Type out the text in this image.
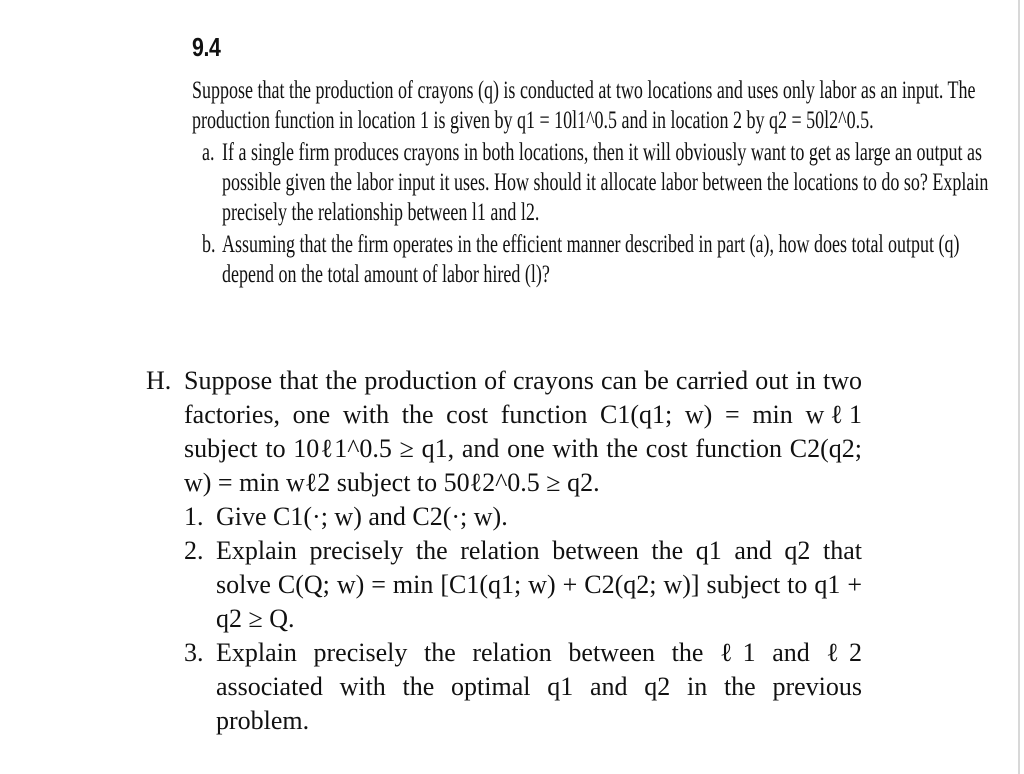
9.4
Suppose that the production of crayons (q) is conducted at two locations and uses only labor as an input. The production function in location 1 is given by q1 = 10l1^0.5 and in location 2 by q2 = 50l2^0.5.
a. If a single firm produces crayons in both locations, then it will obviously want to get as large an output as possible given the labor input it uses. How should it allocate labor between the locations to do so? Explain precisely the relationship between l1 and l2.
b. Assuming that the firm operates in the efficient manner described in part (a), how does total output (q) depend on the total amount of labor hired (l)?
H. Suppose that the production of crayons can be carried out in two factories, one with the cost function C1(q1; w) = min wℓ1 subject to 10ℓ1^0.5 ≥ q1, and one with the cost function C2(q2; w) = min wℓ2 subject to 50ℓ2^0.5 ≥ q2.
1. Give C1(·; w) and C2(·; w).
2. Explain precisely the relation between the q1 and q2 that solve C(Q; w) = min [C1(q1; w) + C2(q2; w)] subject to q1 + q2 ≥ Q.
3. Explain precisely the relation between the ℓ1 and ℓ2 associated with the optimal q1 and q2 in the previous problem.
